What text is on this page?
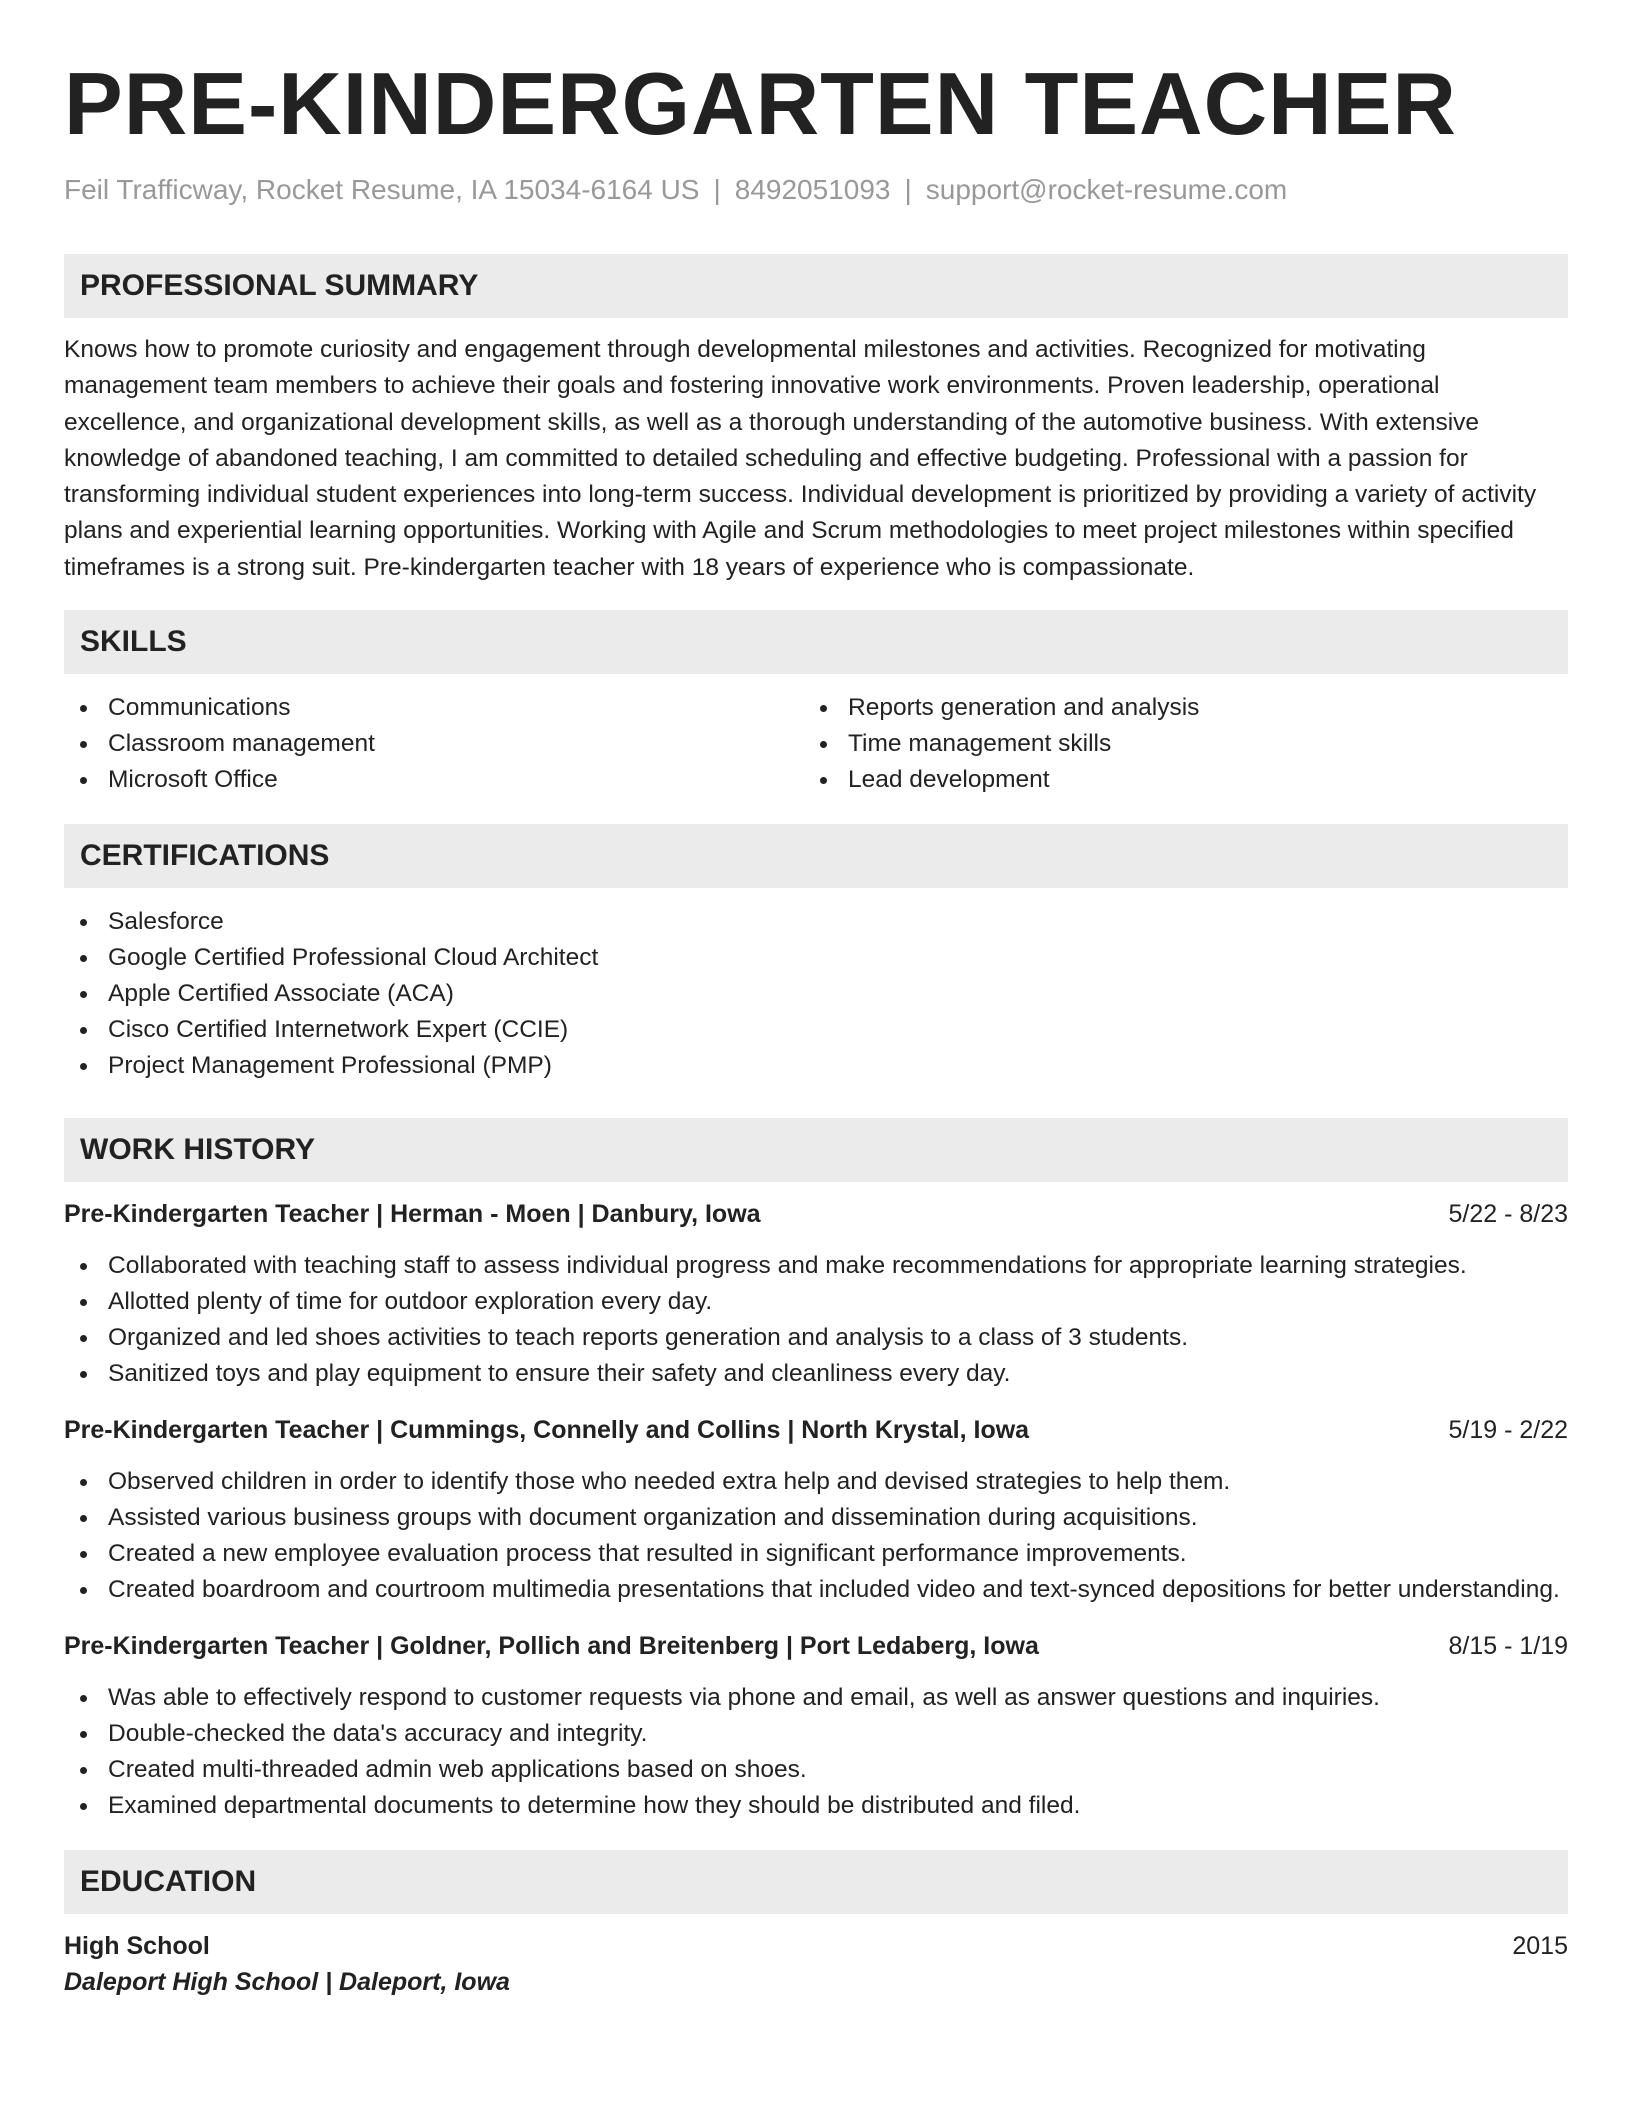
PRE-KINDERGARTEN TEACHER
Feil Trafficway, Rocket Resume, IA 15034-6164 US | 8492051093 | support@rocket-resume.com
PROFESSIONAL SUMMARY

Knows how to promote curiosity and engagement through developmental milestones and activities. Recognized for motivating management team members to achieve their goals and fostering innovative work environments. Proven leadership, operational excellence, and organizational development skills, as well as a thorough understanding of the automotive business. With extensive knowledge of abandoned teaching, I am committed to detailed scheduling and effective budgeting. Professional with a passion for transforming individual student experiences into long-term success. Individual development is prioritized by providing a variety of activity plans and experiential learning opportunities. Working with Agile and Scrum methodologies to meet project milestones within specified timeframes is a strong suit. Pre-kindergarten teacher with 18 years of experience who is compassionate.

SKILLS
Communications
Classroom management
Microsoft Office
Reports generation and analysis
Time management skills
Lead development
CERTIFICATIONS
Salesforce
Google Certified Professional Cloud Architect
Apple Certified Associate (ACA)
Cisco Certified Internetwork Expert (CCIE)
Project Management Professional (PMP)
WORK HISTORY
Pre-Kindergarten Teacher | Herman - Moen | Danbury, Iowa	5/22 - 8/23
Collaborated with teaching staff to assess individual progress and make recommendations for appropriate learning strategies.
Allotted plenty of time for outdoor exploration every day.
Organized and led shoes activities to teach reports generation and analysis to a class of 3 students.
Sanitized toys and play equipment to ensure their safety and cleanliness every day.
Pre-Kindergarten Teacher | Cummings, Connelly and Collins | North Krystal, Iowa	5/19 - 2/22
Observed children in order to identify those who needed extra help and devised strategies to help them.
Assisted various business groups with document organization and dissemination during acquisitions.
Created a new employee evaluation process that resulted in significant performance improvements.
Created boardroom and courtroom multimedia presentations that included video and text-synced depositions for better understanding.
Pre-Kindergarten Teacher | Goldner, Pollich and Breitenberg | Port Ledaberg, Iowa	8/15 - 1/19
Was able to effectively respond to customer requests via phone and email, as well as answer questions and inquiries.
Double-checked the data's accuracy and integrity.
Created multi-threaded admin web applications based on shoes.
Examined departmental documents to determine how they should be distributed and filed.
EDUCATION
High School	2015
Daleport High School | Daleport, Iowa
